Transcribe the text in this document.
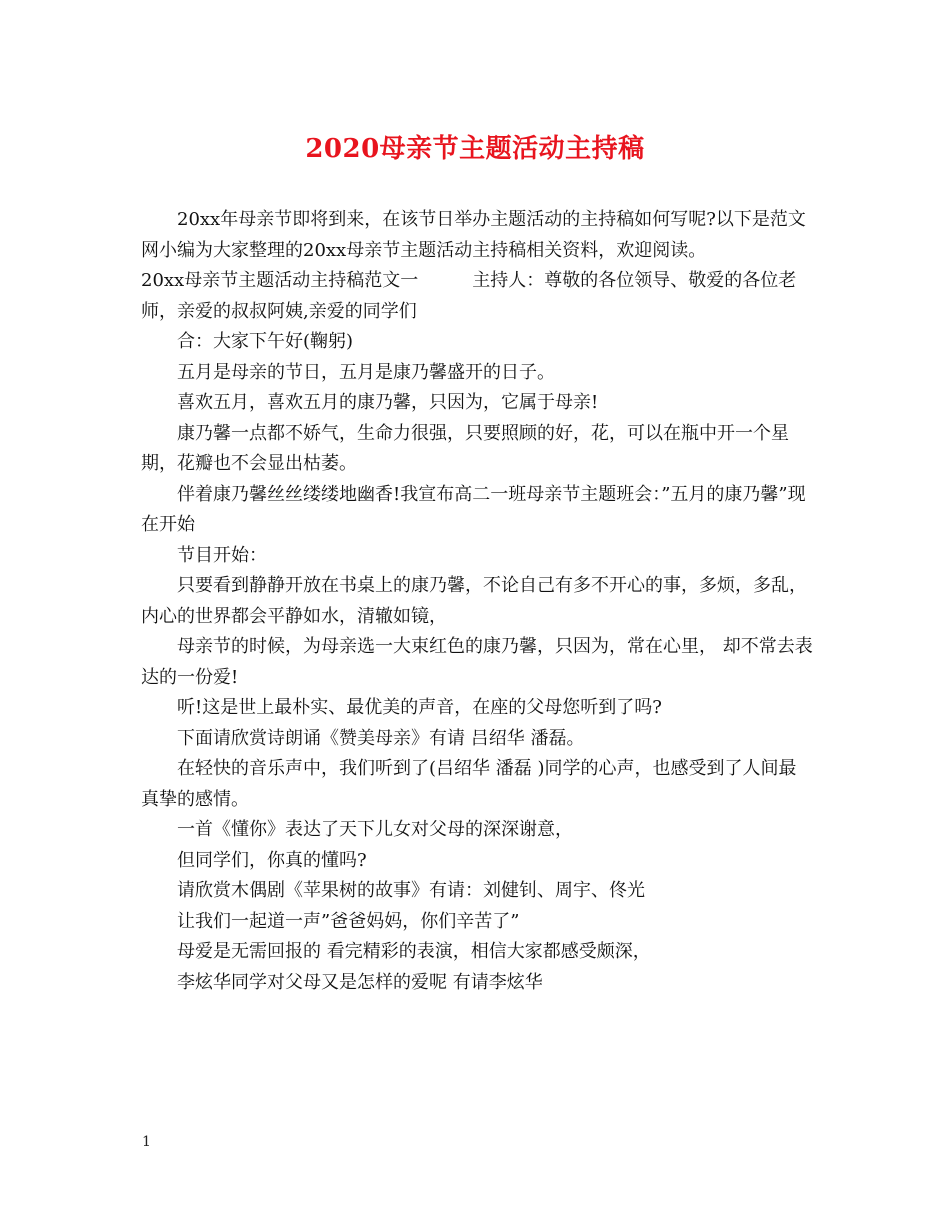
2020母亲节主题活动主持稿

20xx年母亲节即将到来，在该节日举办主题活动的主持稿如何写呢?以下是范文网小编为大家整理的20xx母亲节主题活动主持稿相关资料，欢迎阅读。

20xx母亲节主题活动主持稿范文一	主持人：尊敬的各位领导、敬爱的各位老师，亲爱的叔叔阿姨,亲爱的同学们

合：大家下午好(鞠躬)

五月是母亲的节日，五月是康乃馨盛开的日子。

喜欢五月，喜欢五月的康乃馨，只因为，它属于母亲!

康乃馨一点都不娇气，生命力很强，只要照顾的好，花，可以在瓶中开一个星期，花瓣也不会显出枯萎。

伴着康乃馨丝丝缕缕地幽香!我宣布高二一班母亲节主题班会：”五月的康乃馨”现在开始

节目开始：

只要看到静静开放在书桌上的康乃馨，不论自己有多不开心的事，多烦，多乱，内心的世界都会平静如水，清辙如镜，

母亲节的时候，为母亲选一大束红色的康乃馨，只因为，常在心里， 却不常去表达的一份爱!

听!这是世上最朴实、最优美的声音，在座的父母您听到了吗?

下面请欣赏诗朗诵《赞美母亲》有请 吕绍华 潘磊。

在轻快的音乐声中，我们听到了(吕绍华 潘磊 )同学的心声，也感受到了人间最真挚的感情。

一首《懂你》表达了天下儿女对父母的深深谢意，

但同学们，你真的懂吗?

请欣赏木偶剧《苹果树的故事》有请：刘健钊、周宇、佟光

让我们一起道一声”爸爸妈妈，你们辛苦了”

母爱是无需回报的 看完精彩的表演，相信大家都感受颇深，

李炫华同学对父母又是怎样的爱呢 有请李炫华

1
